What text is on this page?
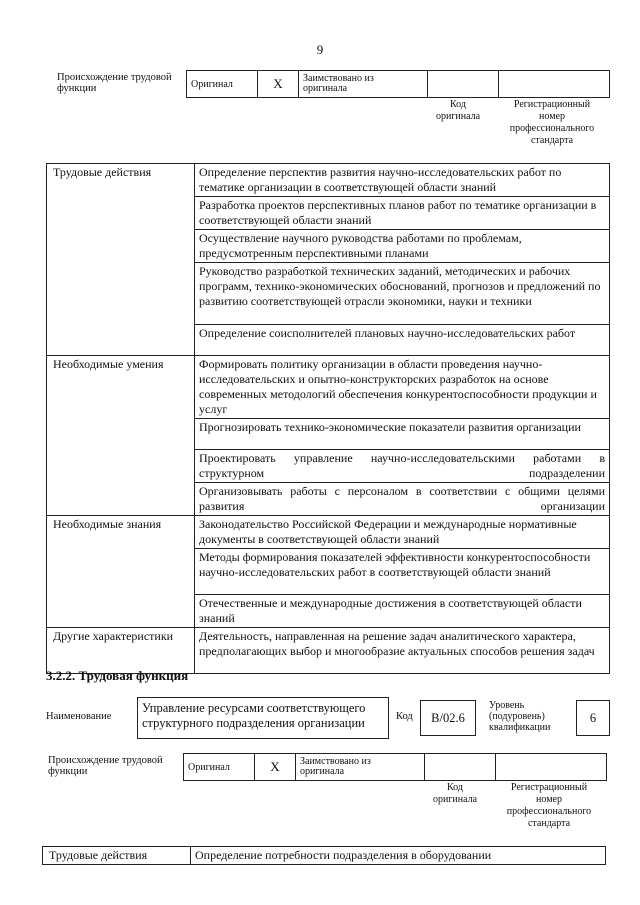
9
Происхождение трудовой
функции	Оригинал	X	Заимствовано из
оригинала

Код
оригинала
Регистрационный
номер
профессионального
стандарта
Трудовые действия	Определение перспектив развития научно-исследовательских работ по тематике организации в соответствующей области знаний
	Разработка проектов перспективных планов работ по тематике организации в соответствующей области знаний
	Осуществление научного руководства работами по проблемам, предусмотренным перспективными планами
	Руководство разработкой технических заданий, методических и рабочих программ, технико-экономических обоснований, прогнозов и предложений по развитию соответствующей отрасли экономики, науки и техники
	Определение соисполнителей плановых научно-исследовательских работ
Необходимые умения	Формировать политику организации в области проведения научно-исследовательских и опытно-конструкторских разработок на основе современных методологий обеспечения конкурентоспособности продукции и услуг
	Прогнозировать технико-экономические показатели развития организации
	Проектировать управление научно-исследовательскими работами в структурном подразделении
	Организовывать работы с персоналом в соответствии с общими целями развития организации
Необходимые знания	Законодательство Российской Федерации и международные нормативные документы в соответствующей области знаний
	Методы формирования показателей эффективности конкурентоспособности научно-исследовательских работ в соответствующей области знаний
	Отечественные и международные достижения в соответствующей области знаний
Другие характеристики	Деятельность, направленная на решение задач аналитического характера, предполагающих выбор и многообразие актуальных способов решения задач
3.2.2. Трудовая функция
Наименование
Управление ресурсами соответствующего структурного подразделения организации	Код	B/02.6
Уровень
(подуровень)
квалификации
6
Происхождение трудовой
функции	Оригинал	X	Заимствовано из
оригинала

Код
оригинала
Регистрационный
номер
профессионального
стандарта
Трудовые действия	Определение потребности подразделения в оборудовании
